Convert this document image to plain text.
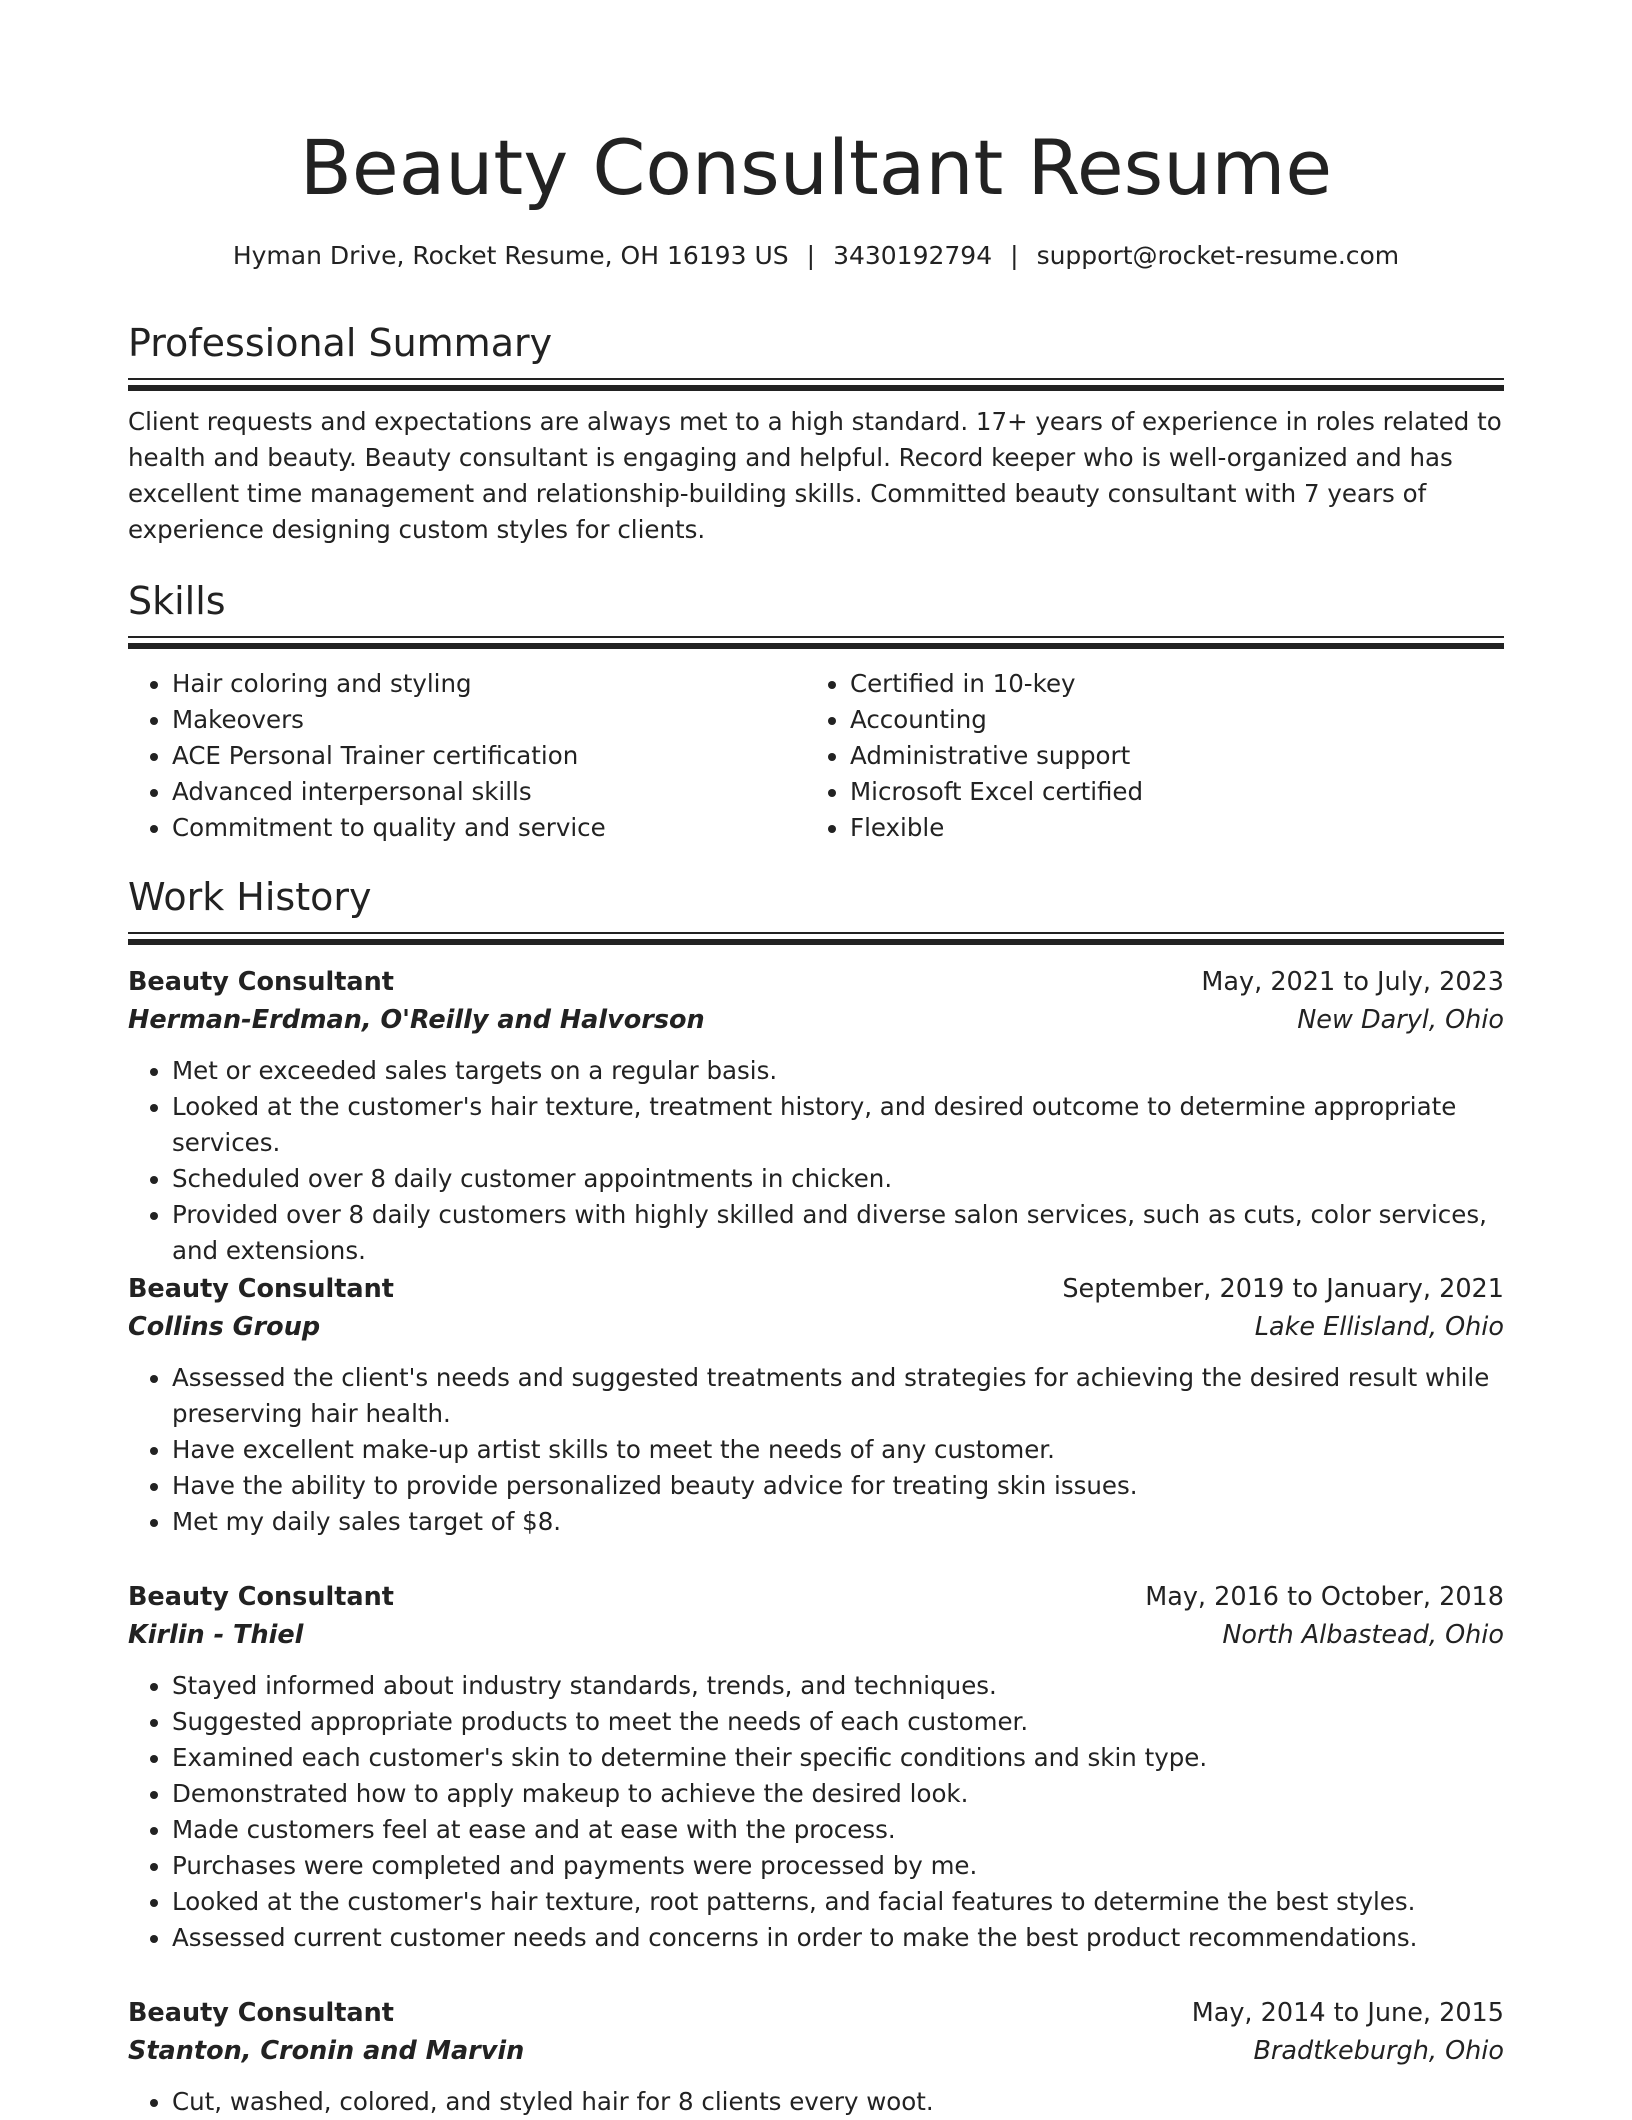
Beauty Consultant Resume
Hyman Drive, Rocket Resume, OH 16193 US | 3430192794 | support@rocket-resume.com
Professional Summary

Client requests and expectations are always met to a high standard. 17+ years of experience in roles related to health and beauty. Beauty consultant is engaging and helpful. Record keeper who is well-organized and has excellent time management and relationship-building skills. Committed beauty consultant with 7 years of experience designing custom styles for clients.

Skills
• Hair coloring and styling
• Makeovers
• ACE Personal Trainer certification
• Advanced interpersonal skills
• Commitment to quality and service
• Certified in 10-key
• Accounting
• Administrative support
• Microsoft Excel certified
• Flexible
Work History
Beauty Consultant	May, 2021 to July, 2023
Herman-Erdman, O'Reilly and Halvorson	New Daryl, Ohio
• Met or exceeded sales targets on a regular basis.
• Looked at the customer's hair texture, treatment history, and desired outcome to determine appropriate services.
• Scheduled over 8 daily customer appointments in chicken.
• Provided over 8 daily customers with highly skilled and diverse salon services, such as cuts, color services, and extensions.
Beauty Consultant	September, 2019 to January, 2021
Collins Group	Lake Ellisland, Ohio
• Assessed the client's needs and suggested treatments and strategies for achieving the desired result while preserving hair health.
• Have excellent make-up artist skills to meet the needs of any customer.
• Have the ability to provide personalized beauty advice for treating skin issues.
• Met my daily sales target of $8.
Beauty Consultant	May, 2016 to October, 2018
Kirlin - Thiel	North Albastead, Ohio
• Stayed informed about industry standards, trends, and techniques.
• Suggested appropriate products to meet the needs of each customer.
• Examined each customer's skin to determine their specific conditions and skin type.
• Demonstrated how to apply makeup to achieve the desired look.
• Made customers feel at ease and at ease with the process.
• Purchases were completed and payments were processed by me.
• Looked at the customer's hair texture, root patterns, and facial features to determine the best styles.
• Assessed current customer needs and concerns in order to make the best product recommendations.
Beauty Consultant	May, 2014 to June, 2015
Stanton, Cronin and Marvin	Bradtkeburgh, Ohio
• Cut, washed, colored, and styled hair for 8 clients every woot.
